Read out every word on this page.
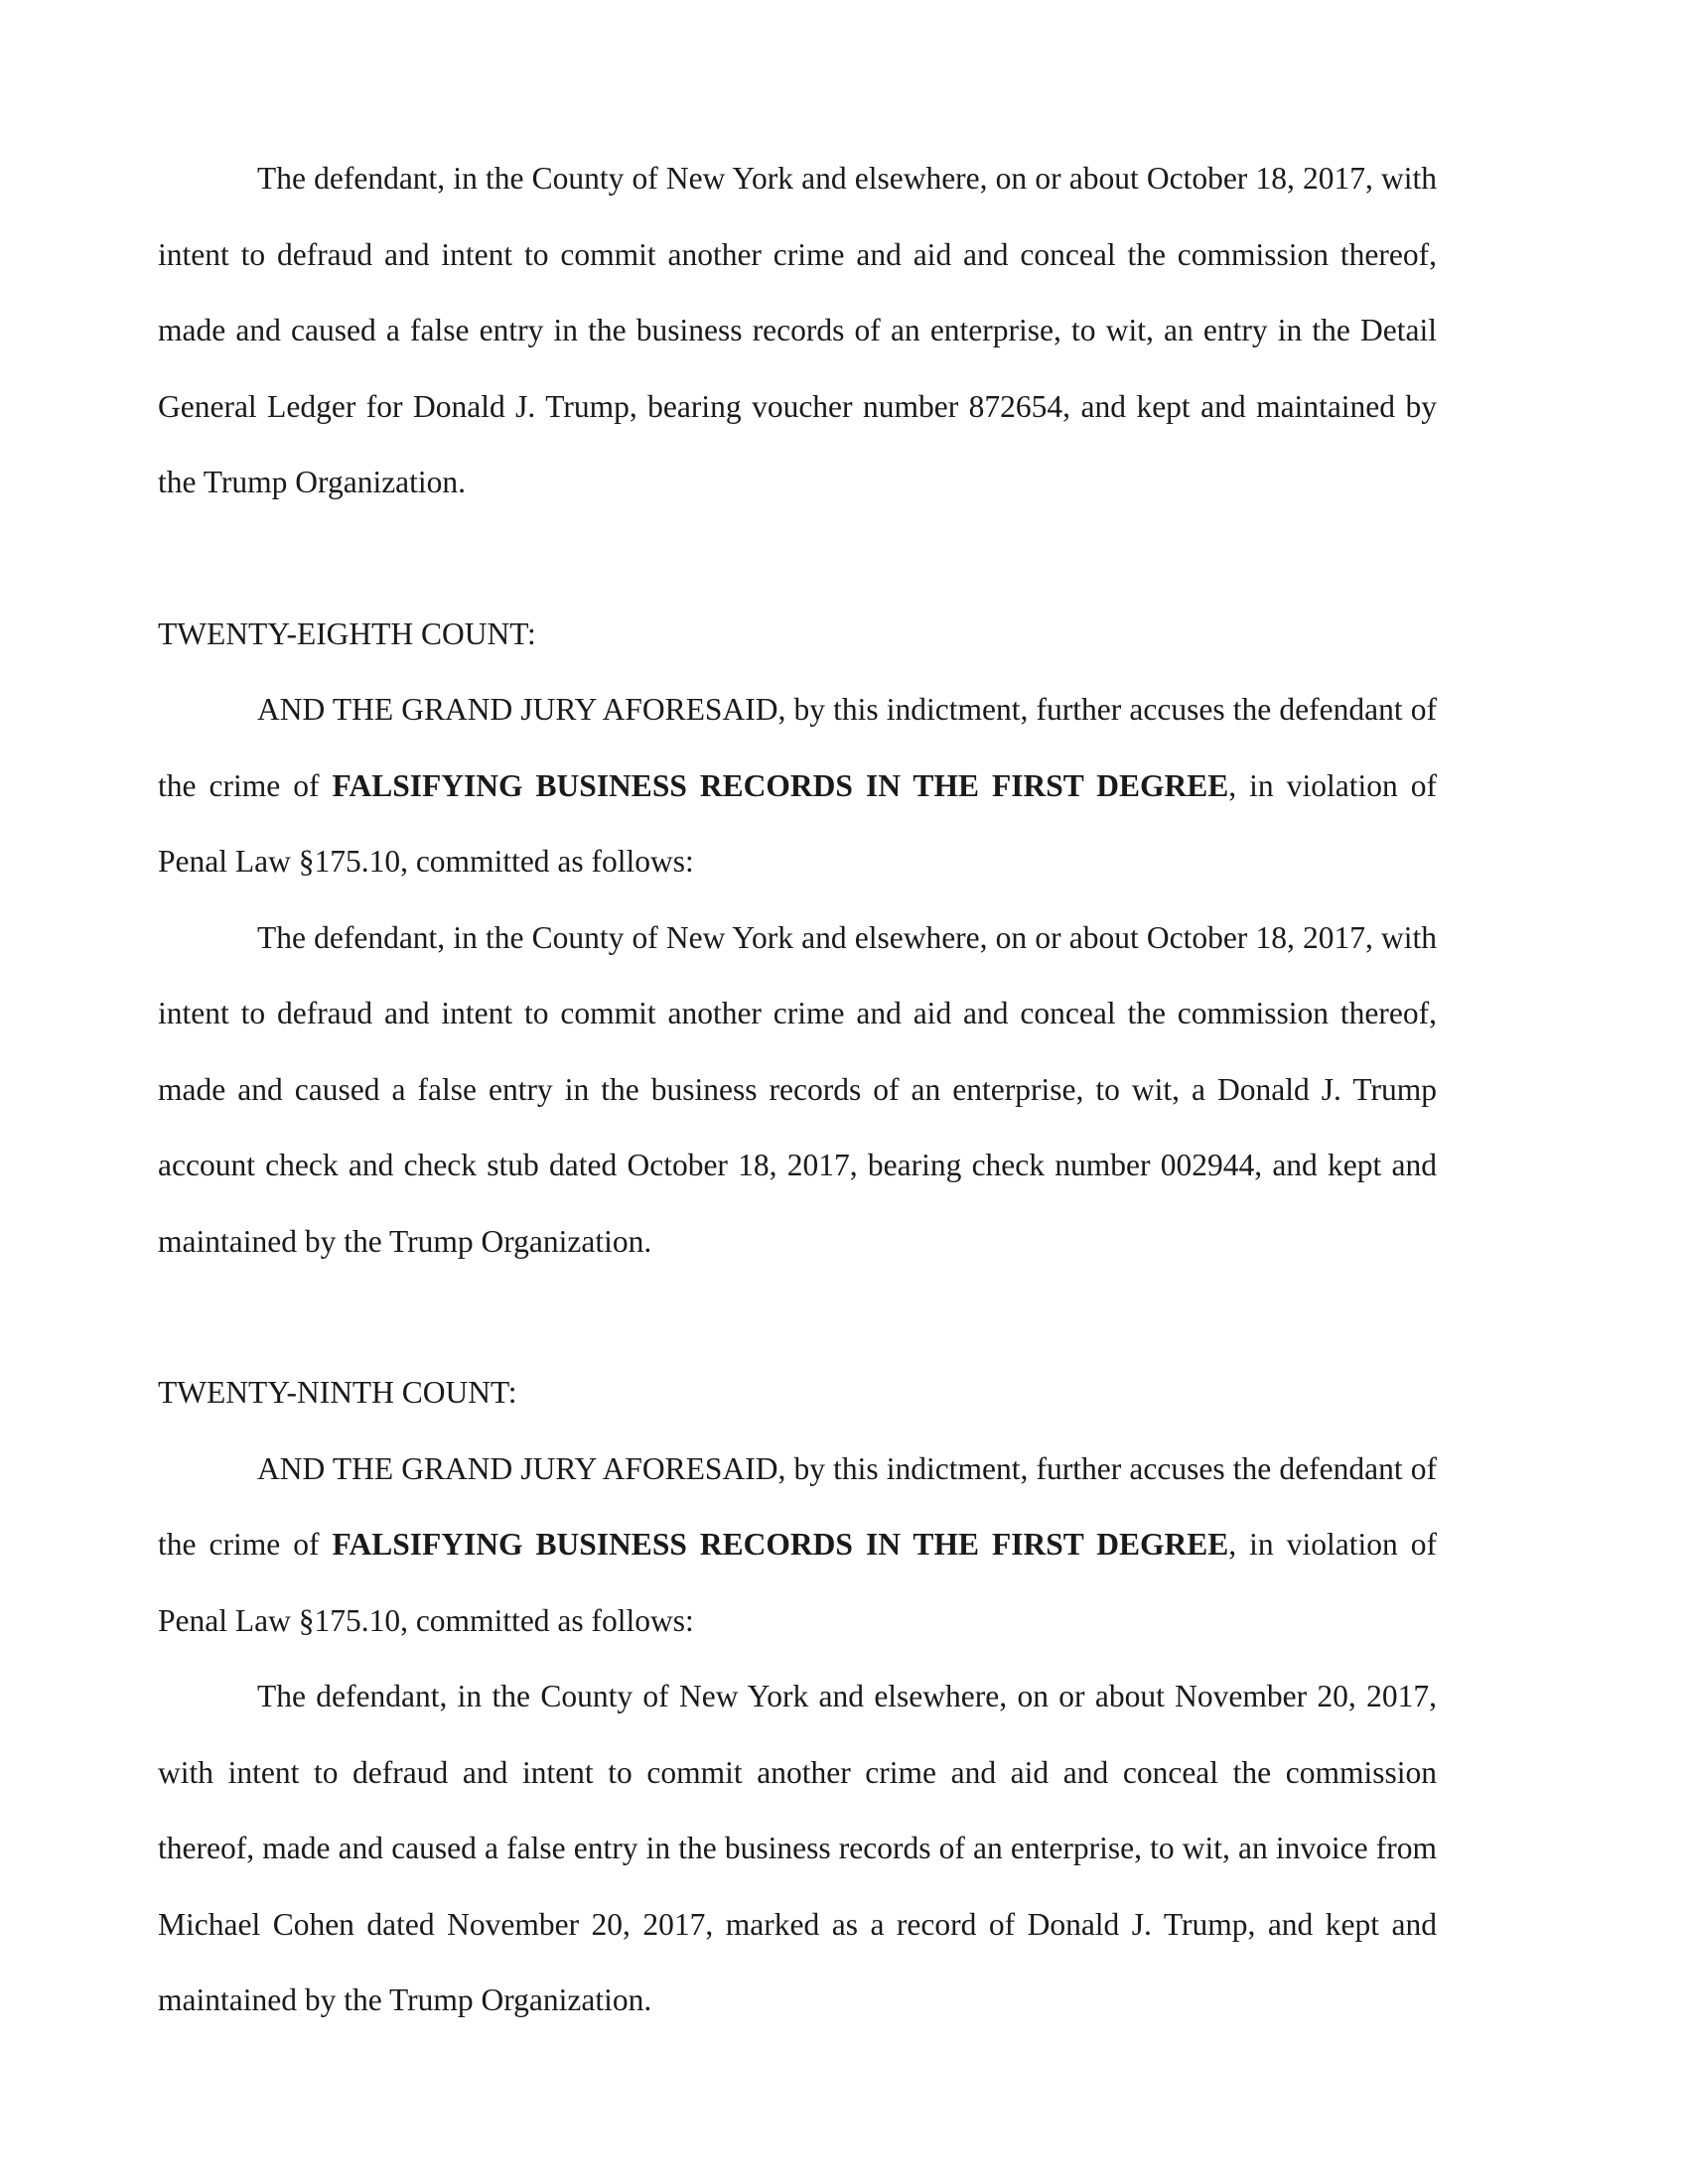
The defendant, in the County of New York and elsewhere, on or about October 18, 2017, with intent to defraud and intent to commit another crime and aid and conceal the commission thereof, made and caused a false entry in the business records of an enterprise, to wit, an entry in the Detail General Ledger for Donald J. Trump, bearing voucher number 872654, and kept and maintained by the Trump Organization.

TWENTY-EIGHTH COUNT:

AND THE GRAND JURY AFORESAID, by this indictment, further accuses the defendant of the crime of FALSIFYING BUSINESS RECORDS IN THE FIRST DEGREE, in violation of Penal Law §175.10, committed as follows:

The defendant, in the County of New York and elsewhere, on or about October 18, 2017, with intent to defraud and intent to commit another crime and aid and conceal the commission thereof, made and caused a false entry in the business records of an enterprise, to wit, a Donald J. Trump account check and check stub dated October 18, 2017, bearing check number 002944, and kept and maintained by the Trump Organization.

TWENTY-NINTH COUNT:

AND THE GRAND JURY AFORESAID, by this indictment, further accuses the defendant of the crime of FALSIFYING BUSINESS RECORDS IN THE FIRST DEGREE, in violation of Penal Law §175.10, committed as follows:

The defendant, in the County of New York and elsewhere, on or about November 20, 2017, with intent to defraud and intent to commit another crime and aid and conceal the commission thereof, made and caused a false entry in the business records of an enterprise, to wit, an invoice from Michael Cohen dated November 20, 2017, marked as a record of Donald J. Trump, and kept and maintained by the Trump Organization.
